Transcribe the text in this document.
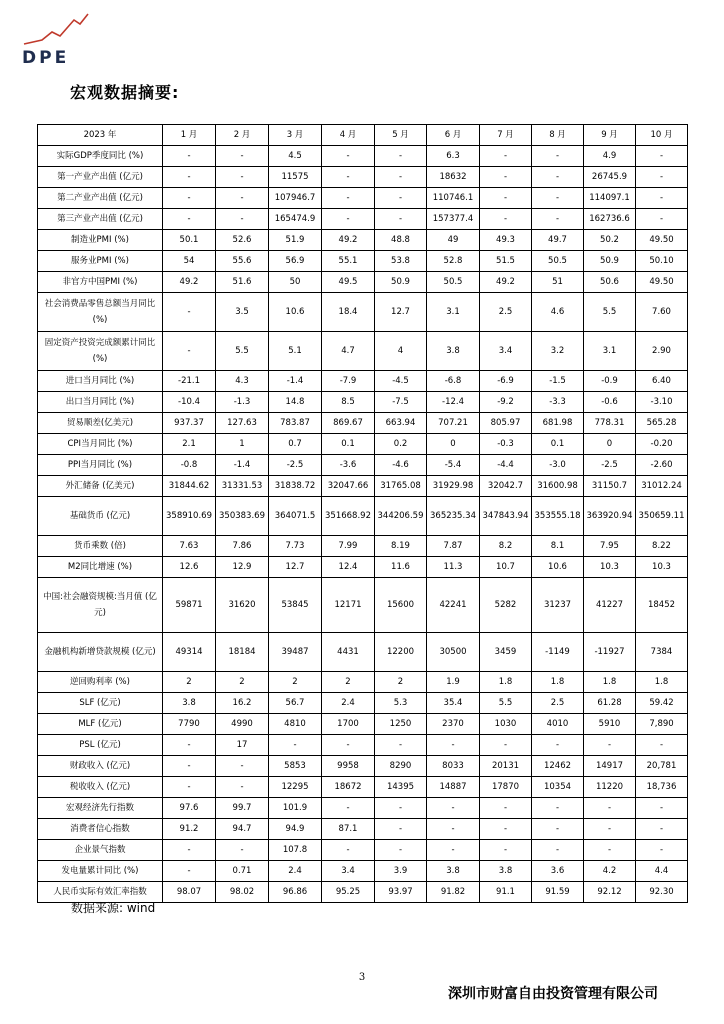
DPE
宏观数据摘要:
2023 年	1 月	2 月	3 月	4 月	5 月	6 月	7 月	8 月	9 月	10 月
实际GDP季度同比 (%)	-	-	4.5	-	-	6.3	-	-	4.9	-
第一产业产出值 (亿元)	-	-	11575	-	-	18632	-	-	26745.9	-
第二产业产出值 (亿元)	-	-	107946.7	-	-	110746.1	-	-	114097.1	-
第三产业产出值 (亿元)	-	-	165474.9	-	-	157377.4	-	-	162736.6	-
制造业PMI (%)	50.1	52.6	51.9	49.2	48.8	49	49.3	49.7	50.2	49.50
服务业PMI (%)	54	55.6	56.9	55.1	53.8	52.8	51.5	50.5	50.9	50.10
非官方中国PMI (%)	49.2	51.6	50	49.5	50.9	50.5	49.2	51	50.6	49.50
社会消费品零售总额当月同比 (%)	-	3.5	10.6	18.4	12.7	3.1	2.5	4.6	5.5	7.60
固定资产投资完成额累计同比 (%)	-	5.5	5.1	4.7	4	3.8	3.4	3.2	3.1	2.90
进口当月同比 (%)	-21.1	4.3	-1.4	-7.9	-4.5	-6.8	-6.9	-1.5	-0.9	6.40
出口当月同比 (%)	-10.4	-1.3	14.8	8.5	-7.5	-12.4	-9.2	-3.3	-0.6	-3.10
贸易顺差(亿美元)	937.37	127.63	783.87	869.67	663.94	707.21	805.97	681.98	778.31	565.28
CPI当月同比 (%)	2.1	1	0.7	0.1	0.2	0	-0.3	0.1	0	-0.20
PPI当月同比 (%)	-0.8	-1.4	-2.5	-3.6	-4.6	-5.4	-4.4	-3.0	-2.5	-2.60
外汇储备 (亿美元)	31844.62	31331.53	31838.72	32047.66	31765.08	31929.98	32042.7	31600.98	31150.7	31012.24
基础货币 (亿元)	358910.69	350383.69	364071.5	351668.92	344206.59	365235.34	347843.94	353555.18	363920.94	350659.11
货币乘数 (倍)	7.63	7.86	7.73	7.99	8.19	7.87	8.2	8.1	7.95	8.22
M2同比增速 (%)	12.6	12.9	12.7	12.4	11.6	11.3	10.7	10.6	10.3	10.3
中国:社会融资规模:当月值 (亿元)	59871	31620	53845	12171	15600	42241	5282	31237	41227	18452
金融机构新增贷款规模 (亿元)	49314	18184	39487	4431	12200	30500	3459	-1149	-11927	7384
逆回购利率 (%)	2	2	2	2	2	1.9	1.8	1.8	1.8	1.8
SLF (亿元)	3.8	16.2	56.7	2.4	5.3	35.4	5.5	2.5	61.28	59.42
MLF (亿元)	7790	4990	4810	1700	1250	2370	1030	4010	5910	7,890
PSL (亿元)	-	17	-	-	-	-	-	-	-	-
财政收入 (亿元)	-	-	5853	9958	8290	8033	20131	12462	14917	20,781
税收收入 (亿元)	-	-	12295	18672	14395	14887	17870	10354	11220	18,736
宏观经济先行指数	97.6	99.7	101.9	-	-	-	-	-	-	-
消费者信心指数	91.2	94.7	94.9	87.1	-	-	-	-	-	-
企业景气指数	-	-	107.8	-	-	-	-	-	-	-
发电量累计同比 (%)	-	0.71	2.4	3.4	3.9	3.8	3.8	3.6	4.2	4.4
人民币实际有效汇率指数	98.07	98.02	96.86	95.25	93.97	91.82	91.1	91.59	92.12	92.30
数据来源: wind
3
深圳市财富自由投资管理有限公司
